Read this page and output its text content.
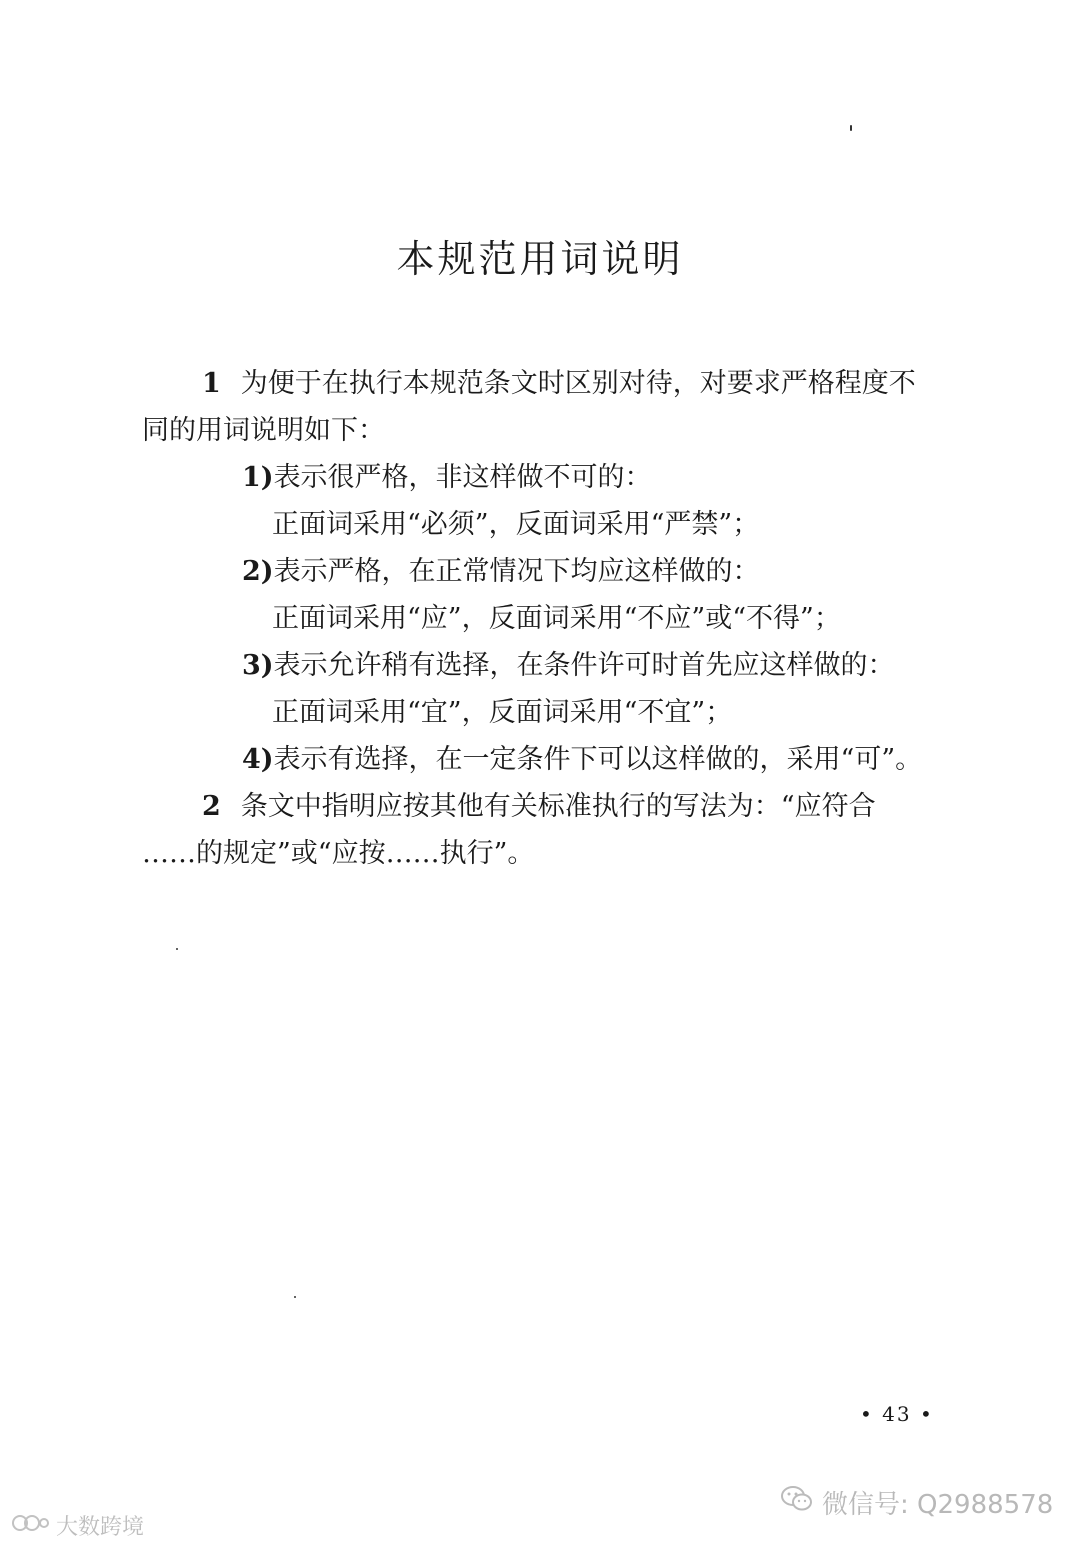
本规范用词说明
1 为便于在执行本规范条文时区别对待，对要求严格程度不
同的用词说明如下：
1)表示很严格，非这样做不可的：
正面词采用“必须”，反面词采用“严禁”；
2)表示严格，在正常情况下均应这样做的：
正面词采用“应”，反面词采用“不应”或“不得”；
3)表示允许稍有选择，在条件许可时首先应这样做的：
正面词采用“宜”，反面词采用“不宜”；
4)表示有选择，在一定条件下可以这样做的，采用“可”。
2 条文中指明应按其他有关标准执行的写法为：“应符合
……的规定”或“应按……执行”。
• 43 •
微信号: Q2988578
大数跨境
